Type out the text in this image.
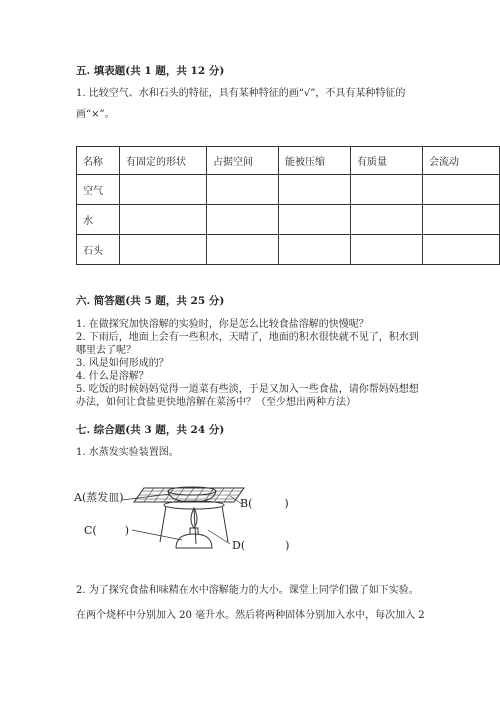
五. 填表题(共 1 题，共 12 分)
1. 比较空气、水和石头的特征，具有某种特征的画“√”，不具有某种特征的
画“×”。
名称	有固定的形状	占据空间	能被压缩	有质量	会流动
空气					
水					
石头					
六. 简答题(共 5 题，共 25 分)
1. 在做探究加快溶解的实验时，你是怎么比较食盐溶解的快慢呢？
2. 下雨后，地面上会有一些积水，天晴了，地面的积水很快就不见了，积水到
哪里去了呢？
3. 风是如何形成的？
4. 什么是溶解？
5. 吃饭的时候妈妈觉得一道菜有些淡，于是又加入一些食盐，请你帮妈妈想想
办法，如何让食盐更快地溶解在菜汤中？（至少想出两种方法）
七. 综合题(共 3 题，共 24 分)
1. 水蒸发实验装置图。
A(蒸发皿)	B(	)
C(	)
D(	)
2. 为了探究食盐和味精在水中溶解能力的大小。课堂上同学们做了如下实验。
在两个烧杯中分别加入 20 毫升水。然后将两种固体分别加入水中，每次加入 2
